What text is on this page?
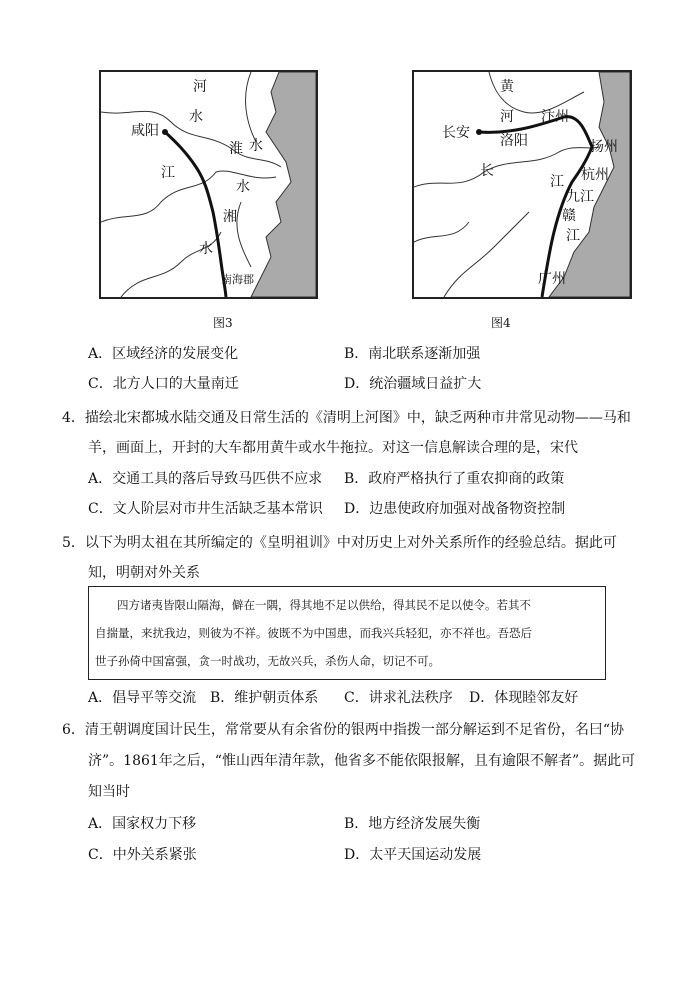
河
水
咸阳
淮 水
江
水
湘
水
南海郡
图3
黄
河 汴州
长安 洛阳	扬州
长
江 杭州
九江
赣
江
广州
图4
A．区域经济的发展变化	B．南北联系逐渐加强
C．北方人口的大量南迁	D．统治疆域日益扩大
4．描绘北宋都城水陆交通及日常生活的《清明上河图》中，缺乏两种市井常见动物——马和
羊，画面上，开封的大车都用黄牛或水牛拖拉。对这一信息解读合理的是，宋代
A．交通工具的落后导致马匹供不应求 B．政府严格执行了重农抑商的政策
C．文人阶层对市井生活缺乏基本常识 D．边患使政府加强对战备物资控制
5．以下为明太祖在其所编定的《皇明祖训》中对历史上对外关系所作的经验总结。据此可
知，明朝对外关系
四方诸夷皆限山隔海，僻在一隅，得其地不足以供给，得其民不足以使令。若其不
自揣量，来扰我边，则彼为不祥。彼既不为中国患，而我兴兵轻犯，亦不祥也。吾恐后
世子孙倚中国富强，贪一时战功，无故兴兵，杀伤人命，切记不可。
A．倡导平等交流 B．维护朝贡体系 C．讲求礼法秩序 D．体现睦邻友好
6．清王朝调度国计民生，常常要从有余省份的银两中指拨一部分解运到不足省份，名曰“协
济”。1861年之后，“惟山西年清年款，他省多不能依限报解，且有逾限不解者”。据此可
知当时
A．国家权力下移	B．地方经济发展失衡
C．中外关系紧张	D．太平天国运动发展
